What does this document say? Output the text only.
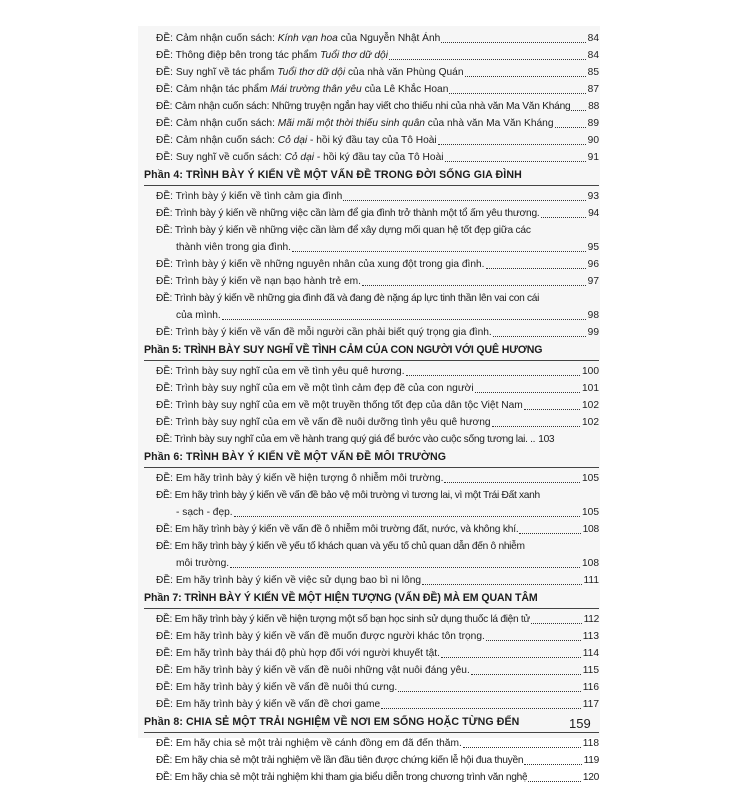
ĐỀ: Cảm nhận cuốn sách: Kính vạn hoa của Nguyễn Nhật Ánh	84
ĐỀ: Thông điệp bên trong tác phẩm Tuổi thơ dữ dội	84
ĐỀ: Suy nghĩ về tác phẩm Tuổi thơ dữ dội của nhà văn Phùng Quán	85
ĐỀ: Cảm nhận tác phẩm Mái trường thân yêu của Lê Khắc Hoan	87
ĐỀ: Cảm nhận cuốn sách: Những truyện ngắn hay viết cho thiếu nhi của nhà văn Ma Văn Kháng 88
ĐỀ: Cảm nhận cuốn sách: Mãi mãi một thời thiếu sinh quân của nhà văn Ma Văn Kháng	89
ĐỀ: Cảm nhận cuốn sách: Cỏ dại - hồi ký đầu tay của Tô Hoài	90
ĐỀ: Suy nghĩ về cuốn sách: Cỏ dại - hồi ký đầu tay của Tô Hoài	91
Phần 4: TRÌNH BÀY Ý KIẾN VỀ MỘT VẤN ĐỀ TRONG ĐỜI SỐNG GIA ĐÌNH
ĐỀ: Trình bày ý kiến về tình cảm gia đình	93
ĐỀ: Trình bày ý kiến về những việc cần làm để gia đình trở thành một tổ ấm yêu thương.	94
ĐỀ: Trình bày ý kiến về những việc cần làm để xây dựng mối quan hệ tốt đẹp giữa các
thành viên trong gia đình.	95
ĐỀ: Trình bày ý kiến về những nguyên nhân của xung đột trong gia đình.	96
ĐỀ: Trình bày ý kiến về nạn bạo hành trẻ em.	97
ĐỀ: Trình bày ý kiến về những gia đình đã và đang đè nặng áp lực tinh thần lên vai con cái
của mình.	98
ĐỀ: Trình bày ý kiến về vấn đề mỗi người cần phải biết quý trọng gia đình.	99
Phần 5: TRÌNH BÀY SUY NGHĨ VỀ TÌNH CẢM CỦA CON NGƯỜI VỚI QUÊ HƯƠNG
ĐỀ: Trình bày suy nghĩ của em về tình yêu quê hương.	100
ĐỀ: Trình bày suy nghĩ của em về một tình cảm đẹp đẽ của con người	101
ĐỀ: Trình bày suy nghĩ của em về một truyền thống tốt đẹp của dân tộc Việt Nam	102
ĐỀ: Trình bày suy nghĩ của em về vấn đề nuôi dưỡng tình yêu quê hương	102
ĐỀ: Trình bày suy nghĩ của em về hành trang quý giá để bước vào cuộc sống tương lai. .. 103
Phần 6: TRÌNH BÀY Ý KIẾN VỀ MỘT VẤN ĐỀ MÔI TRƯỜNG
ĐỀ: Em hãy trình bày ý kiến về hiện tượng ô nhiễm môi trường.	105
ĐỀ: Em hãy trình bày ý kiến về vấn đề bảo vệ môi trường vì tương lai, vì một Trái Đất xanh
- sạch - đẹp.	105
ĐỀ: Em hãy trình bày ý kiến về vấn đề ô nhiễm môi trường đất, nước, và không khí.	108
ĐỀ: Em hãy trình bày ý kiến về yếu tố khách quan và yếu tố chủ quan dẫn đến ô nhiễm
môi trường.	108
ĐỀ: Em hãy trình bày ý kiến về việc sử dụng bao bì ni lông	111
Phần 7: TRÌNH BÀY Ý KIẾN VỀ MỘT HIỆN TƯỢNG (VẤN ĐỀ) MÀ EM QUAN TÂM
ĐỀ: Em hãy trình bày ý kiến về hiện tượng một số bạn học sinh sử dụng thuốc lá điện tử	112
ĐỀ: Em hãy trình bày ý kiến về vấn đề muốn được người khác tôn trọng.	113
ĐỀ: Em hãy trình bày thái độ phù hợp đối với người khuyết tật.	114
ĐỀ: Em hãy trình bày ý kiến về vấn đề nuôi những vật nuôi đáng yêu.	115
ĐỀ: Em hãy trình bày ý kiến về vấn đề nuôi thú cưng.	116
ĐỀ: Em hãy trình bày ý kiến về vấn đề chơi game	117
Phần 8: CHIA SẺ MỘT TRẢI NGHIỆM VỀ NƠI EM SỐNG HOẶC TỪNG ĐẾN
ĐỀ: Em hãy chia sẻ một trải nghiệm về cánh đồng em đã đến thăm.	118
ĐỀ: Em hãy chia sẻ một trải nghiệm về lần đầu tiên được chứng kiến lễ hội đua thuyền	119
ĐỀ: Em hãy chia sẻ một trải nghiệm khi tham gia biểu diễn trong chương trình văn nghệ	120
159
